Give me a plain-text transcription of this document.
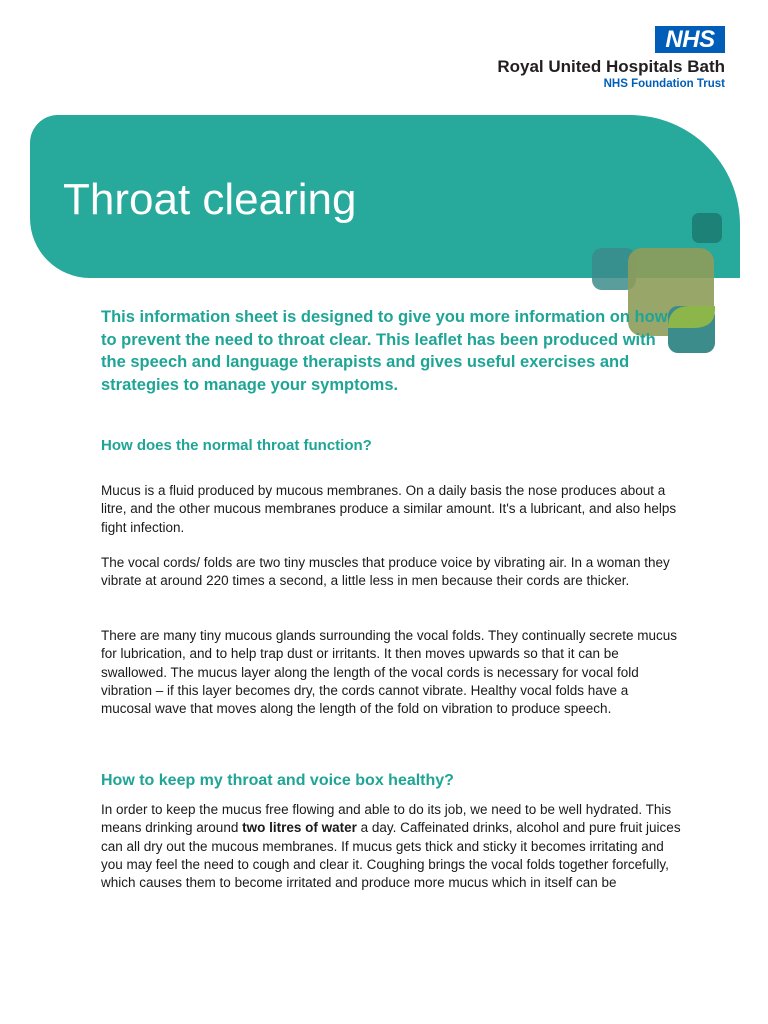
NHS
Royal United Hospitals Bath
NHS Foundation Trust
Throat clearing

This information sheet is designed to give you more information on how to prevent the need to throat clear. This leaflet has been produced with the speech and language therapists and gives useful exercises and strategies to manage your symptoms.

How does the normal throat function?

Mucus is a fluid produced by mucous membranes. On a daily basis the nose produces about a litre, and the other mucous membranes produce a similar amount. It's a lubricant, and also helps fight infection.

The vocal cords/ folds are two tiny muscles that produce voice by vibrating air. In a woman they vibrate at around 220 times a second, a little less in men because their cords are thicker.

There are many tiny mucous glands surrounding the vocal folds. They continually secrete mucus for lubrication, and to help trap dust or irritants. It then moves upwards so that it can be swallowed. The mucus layer along the length of the vocal cords is necessary for vocal fold vibration – if this layer becomes dry, the cords cannot vibrate. Healthy vocal folds have a mucosal wave that moves along the length of the fold on vibration to produce speech.

How to keep my throat and voice box healthy?

In order to keep the mucus free flowing and able to do its job, we need to be well hydrated. This means drinking around two litres of water a day. Caffeinated drinks, alcohol and pure fruit juices can all dry out the mucous membranes. If mucus gets thick and sticky it becomes irritating and you may feel the need to cough and clear it. Coughing brings the vocal folds together forcefully, which causes them to become irritated and produce more mucus which in itself can be
